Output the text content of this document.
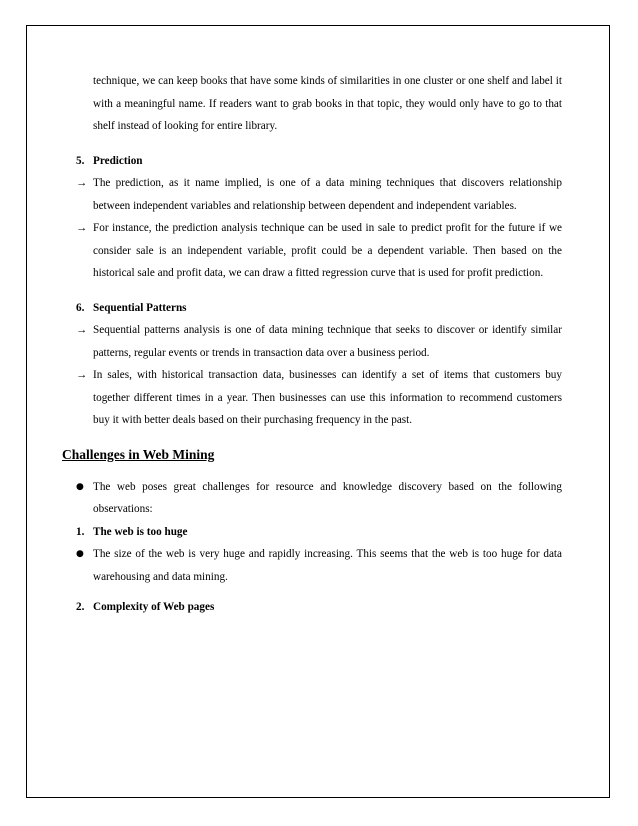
technique, we can keep books that have some kinds of similarities in one cluster or one shelf and label it with a meaningful name. If readers want to grab books in that topic, they would only have to go to that shelf instead of looking for entire library.

5. Prediction

→ The prediction, as it name implied, is one of a data mining techniques that discovers relationship between independent variables and relationship between dependent and independent variables.

→ For instance, the prediction analysis technique can be used in sale to predict profit for the future if we consider sale is an independent variable, profit could be a dependent variable. Then based on the historical sale and profit data, we can draw a fitted regression curve that is used for profit prediction.

6. Sequential Patterns

→ Sequential patterns analysis is one of data mining technique that seeks to discover or identify similar patterns, regular events or trends in transaction data over a business period.

→ In sales, with historical transaction data, businesses can identify a set of items that customers buy together different times in a year. Then businesses can use this information to recommend customers buy it with better deals based on their purchasing frequency in the past.

Challenges in Web Mining

● The web poses great challenges for resource and knowledge discovery based on the following observations:

1. The web is too huge

● The size of the web is very huge and rapidly increasing. This seems that the web is too huge for data warehousing and data mining.

2. Complexity of Web pages
